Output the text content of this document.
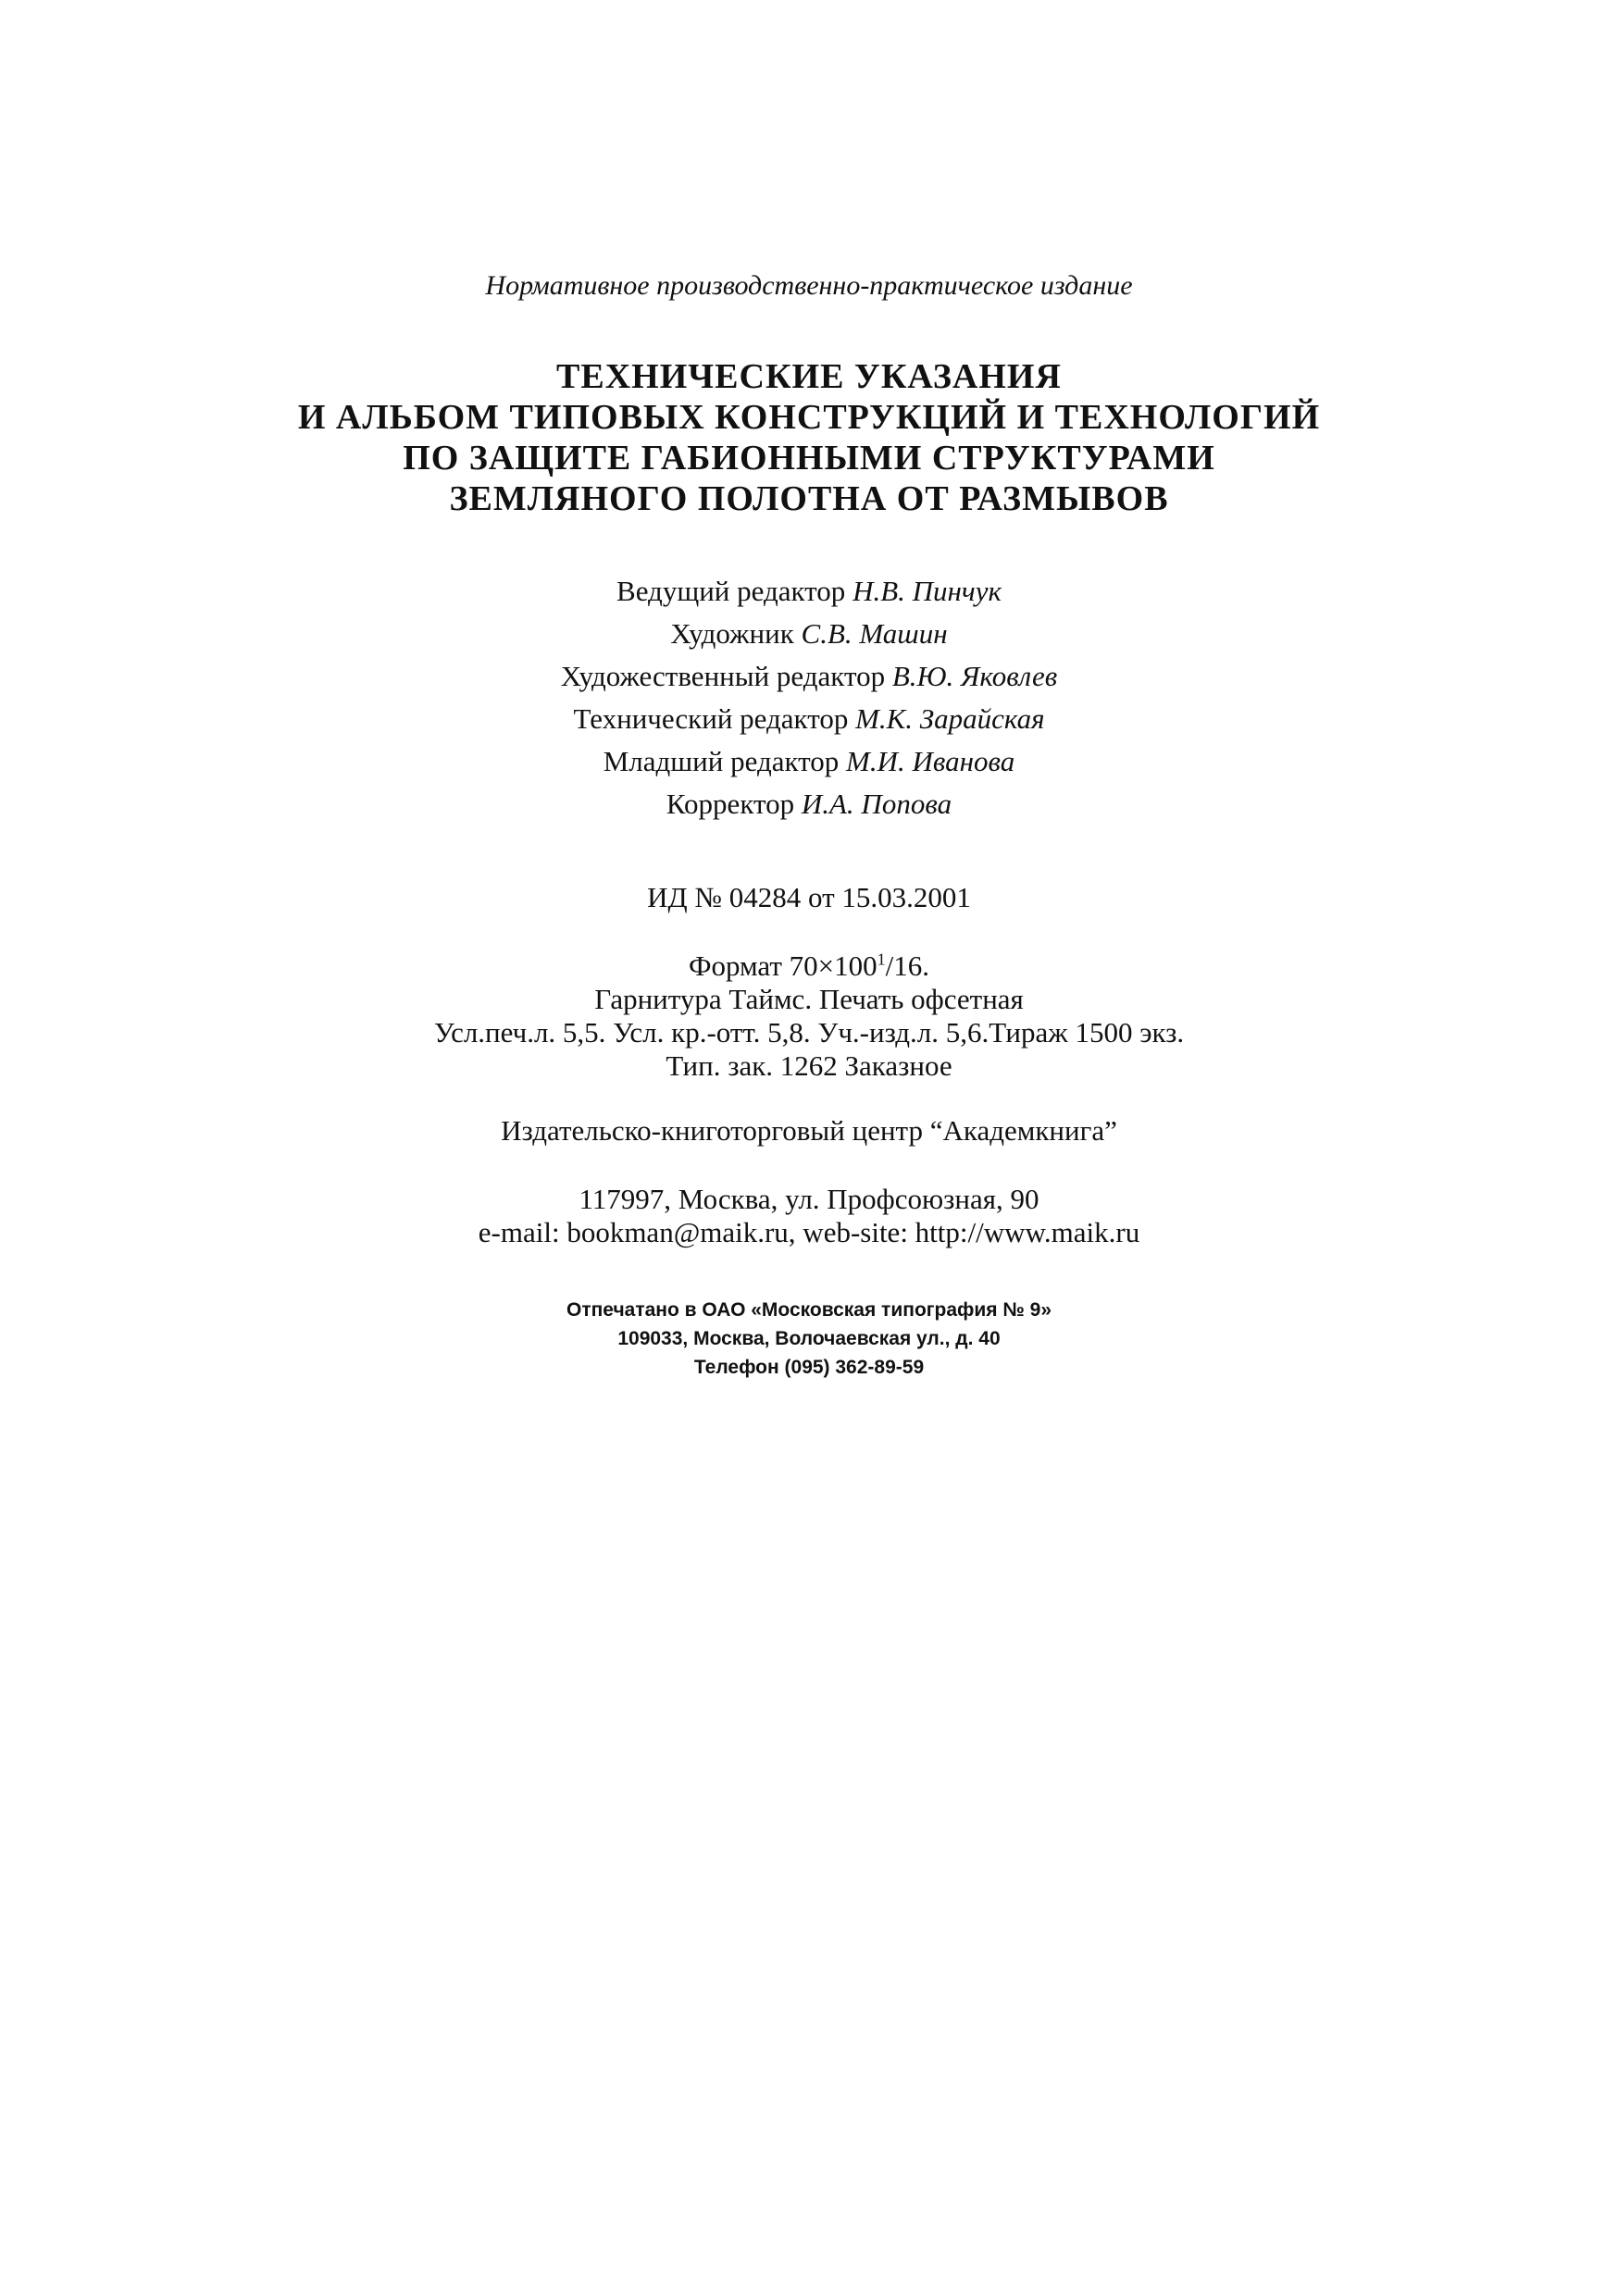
Нормативное производственно-практическое издание

ТЕХНИЧЕСКИЕ УКАЗАНИЯ

И АЛЬБОМ ТИПОВЫХ КОНСТРУКЦИЙ И ТЕХНОЛОГИЙ

ПО ЗАЩИТЕ ГАБИОННЫМИ СТРУКТУРАМИ

ЗЕМЛЯНОГО ПОЛОТНА ОТ РАЗМЫВОВ

Ведущий редактор Н.В. Пинчук

Художник С.В. Машин

Художественный редактор В.Ю. Яковлев

Технический редактор М.К. Зарайская

Младший редактор М.И. Иванова

Корректор И.А. Попова

ИД № 04284 от 15.03.2001

Формат $70\times 100^1/16$.

Гарнитура Таймс. Печать офсетная

Усл.печ.л. 5,5. Усл. кр.-отт. 5,8. Уч.-изд.л. 5,6.Тираж 1500 экз.

Тип. зак. 1262 Заказное

Издательско-книготорговый центр “Академкнига”

117997, Москва, ул. Профсоюзная, 90

e-mail: bookman@maik.ru, web-site: http://www.maik.ru

Отпечатано в ОАО «Московская типография № 9»

109033, Москва, Волочаевская ул., д. 40

Телефон (095) 362-89-59
